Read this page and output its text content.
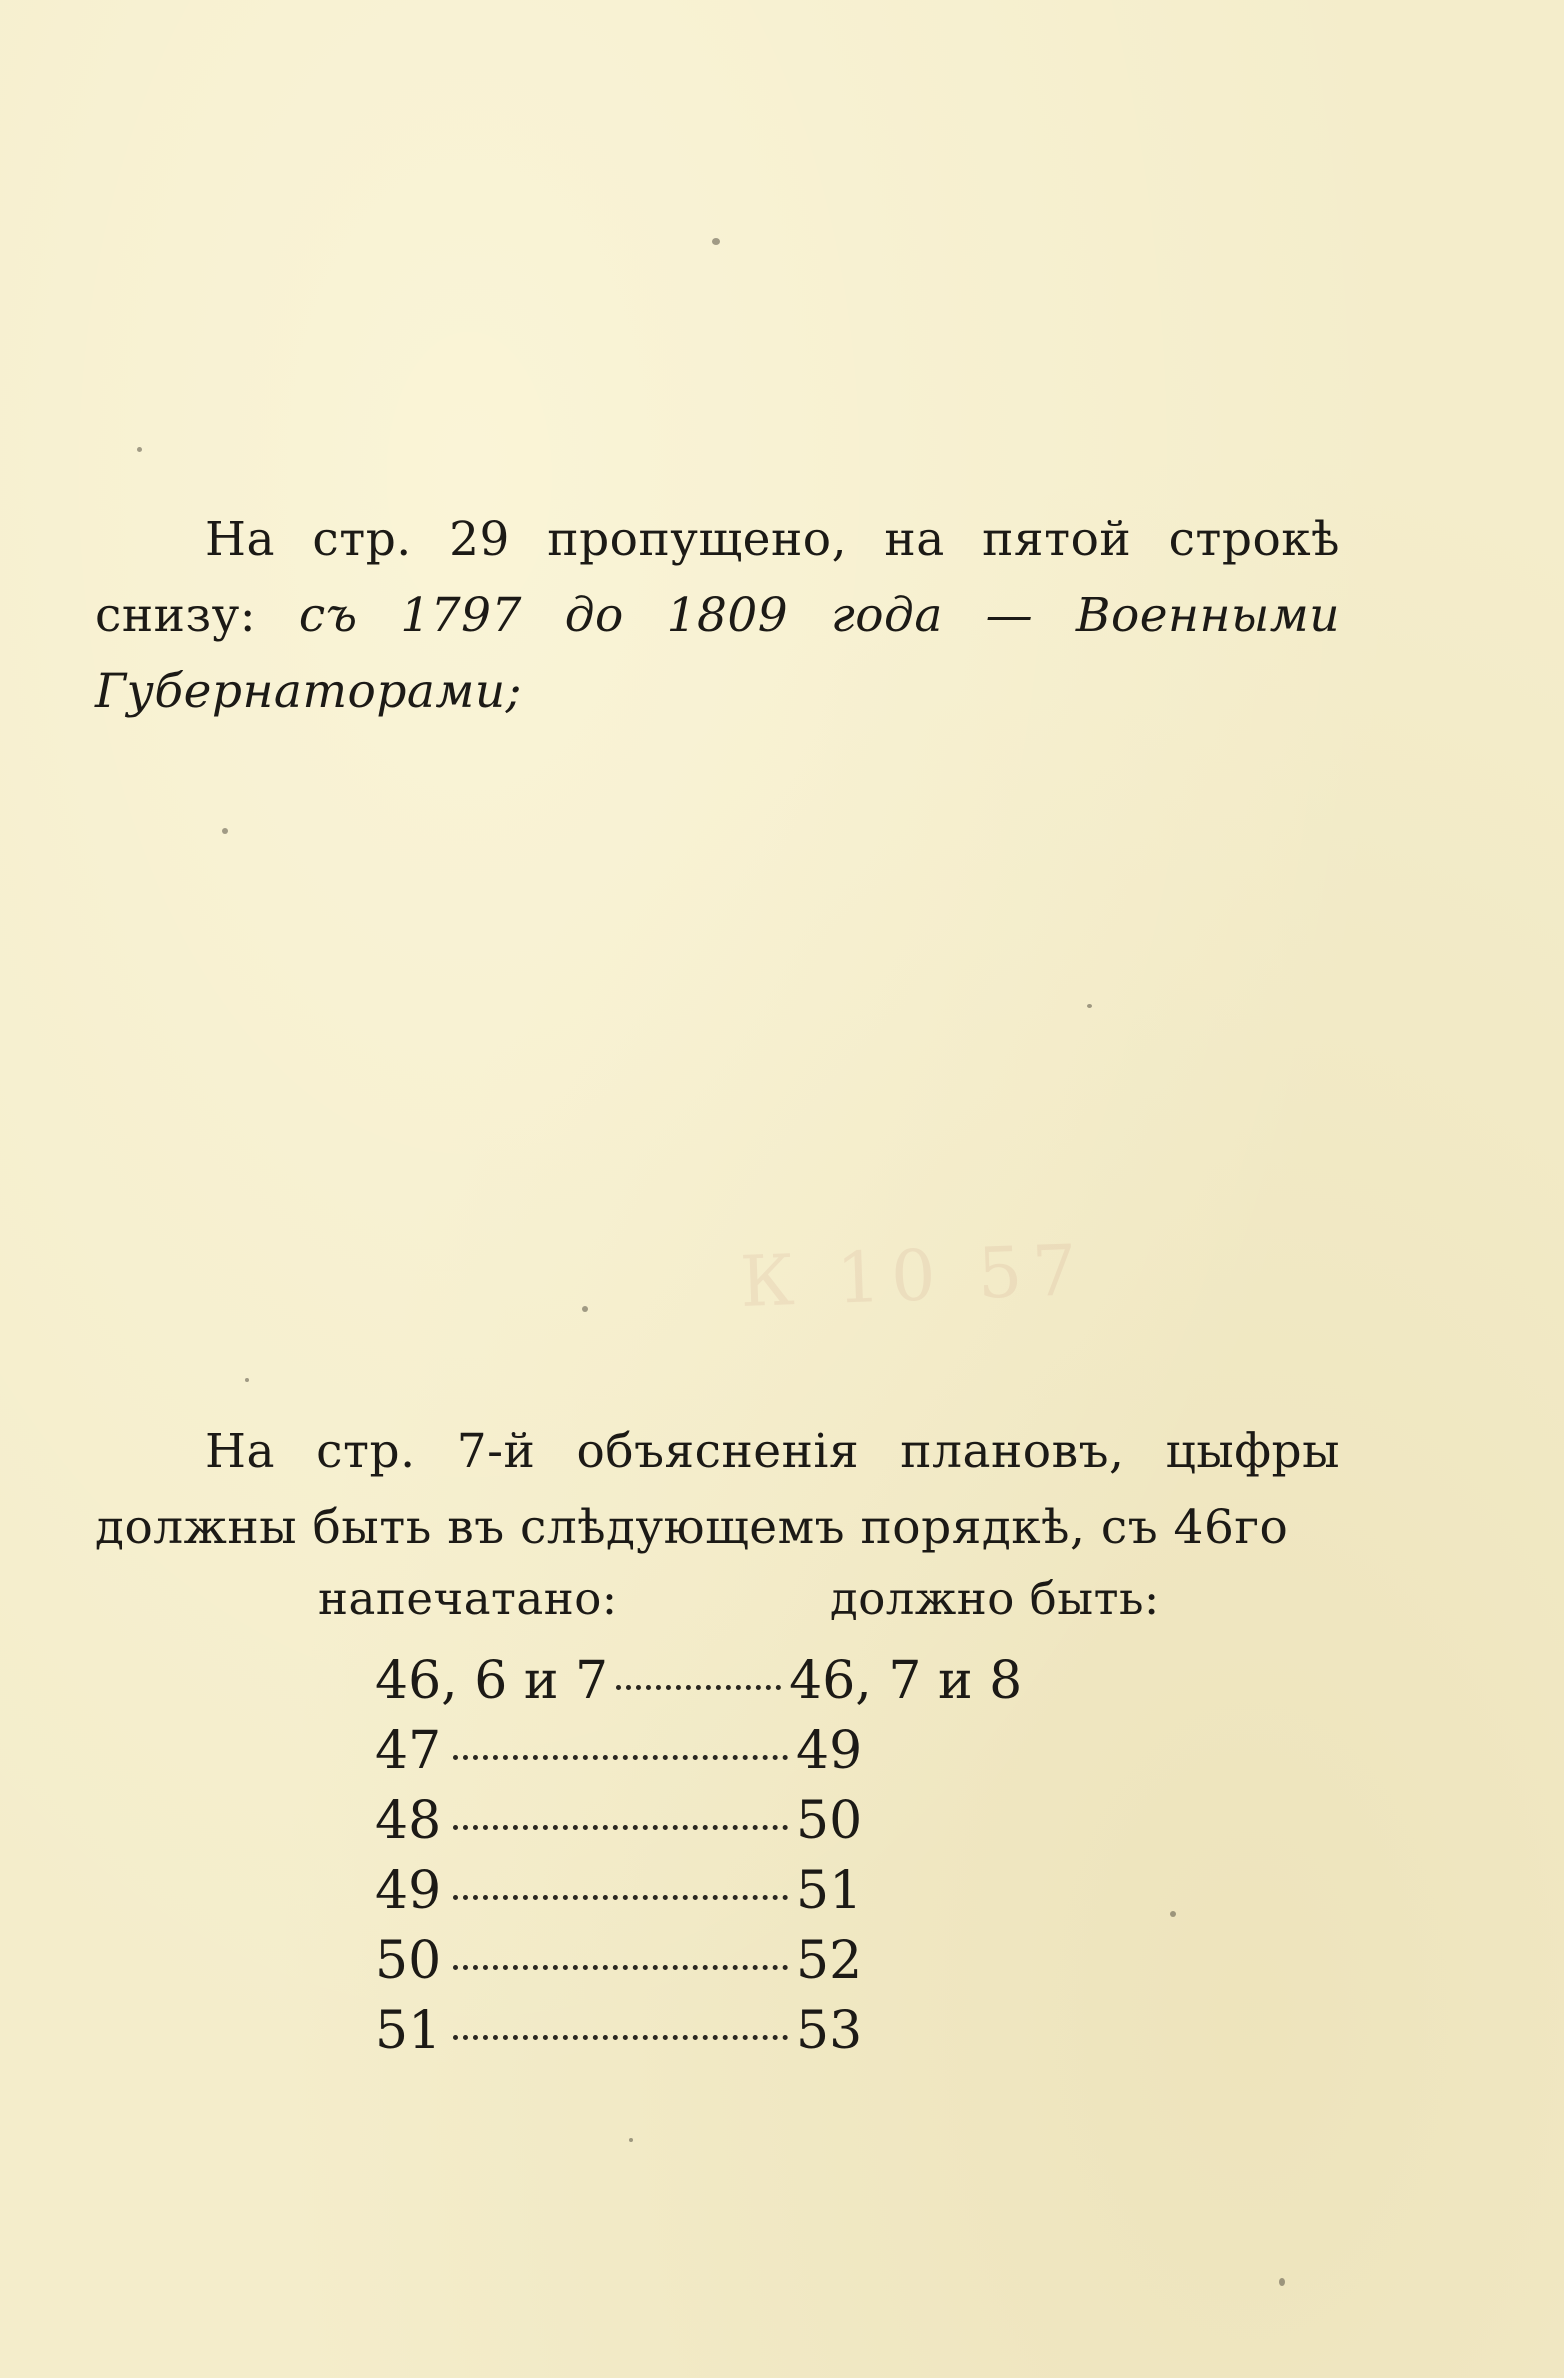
К 10 57
На стр. 29 пропущено, на пятой строкѣ снизу: съ 1797 до 1809 года — Военными Губернаторами;
На стр. 7-й объясненія плановъ, цыфры должны быть въ слѣдующемъ порядкѣ, съ 46го
напечатано:	должно быть:
46, 6 и 7	46, 7 и 8
47	49
48	50
49	51
50	52
51	53
